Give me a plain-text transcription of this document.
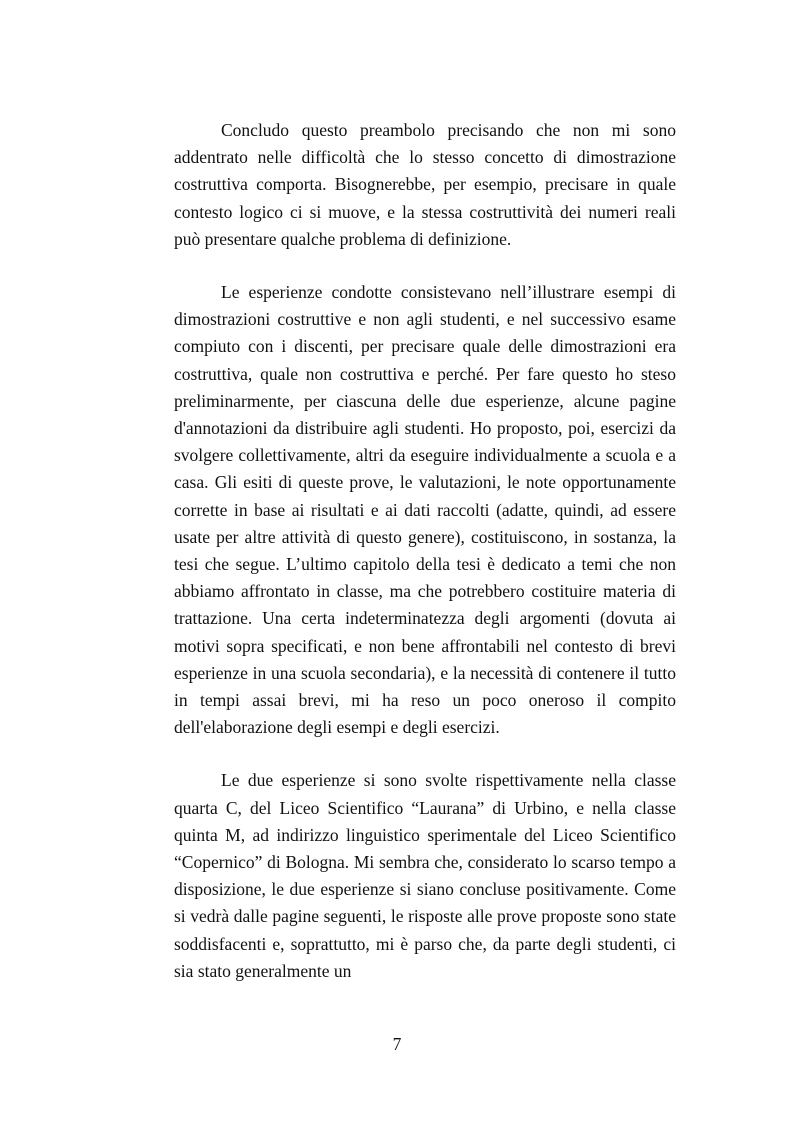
Concludo questo preambolo precisando che non mi sono addentrato nelle difficoltà che lo stesso concetto di dimostrazione costruttiva comporta. Bisognerebbe, per esempio, precisare in quale contesto logico ci si muove, e la stessa costruttività dei numeri reali può presentare qualche problema di definizione.

Le esperienze condotte consistevano nell’illustrare esempi di dimostrazioni costruttive e non agli studenti, e nel successivo esame compiuto con i discenti, per precisare quale delle dimostrazioni era costruttiva, quale non costruttiva e perché. Per fare questo ho steso preliminarmente, per ciascuna delle due esperienze, alcune pagine d'annotazioni da distribuire agli studenti. Ho proposto, poi, esercizi da svolgere collettivamente, altri da eseguire individualmente a scuola e a casa. Gli esiti di queste prove, le valutazioni, le note opportunamente corrette in base ai risultati e ai dati raccolti (adatte, quindi, ad essere usate per altre attività di questo genere), costituiscono, in sostanza, la tesi che segue. L’ultimo capitolo della tesi è dedicato a temi che non abbiamo affrontato in classe, ma che potrebbero costituire materia di trattazione. Una certa indeterminatezza degli argomenti (dovuta ai motivi sopra specificati, e non bene affrontabili nel contesto di brevi esperienze in una scuola secondaria), e la necessità di contenere il tutto in tempi assai brevi, mi ha reso un poco oneroso il compito dell'elaborazione degli esempi e degli esercizi.

Le due esperienze si sono svolte rispettivamente nella classe quarta C, del Liceo Scientifico “Laurana” di Urbino, e nella classe quinta M, ad indirizzo linguistico sperimentale del Liceo Scientifico “Copernico” di Bologna. Mi sembra che, considerato lo scarso tempo a disposizione, le due esperienze si siano concluse positivamente. Come si vedrà dalle pagine seguenti, le risposte alle prove proposte sono state soddisfacenti e, soprattutto, mi è parso che, da parte degli studenti, ci sia stato generalmente un

7
